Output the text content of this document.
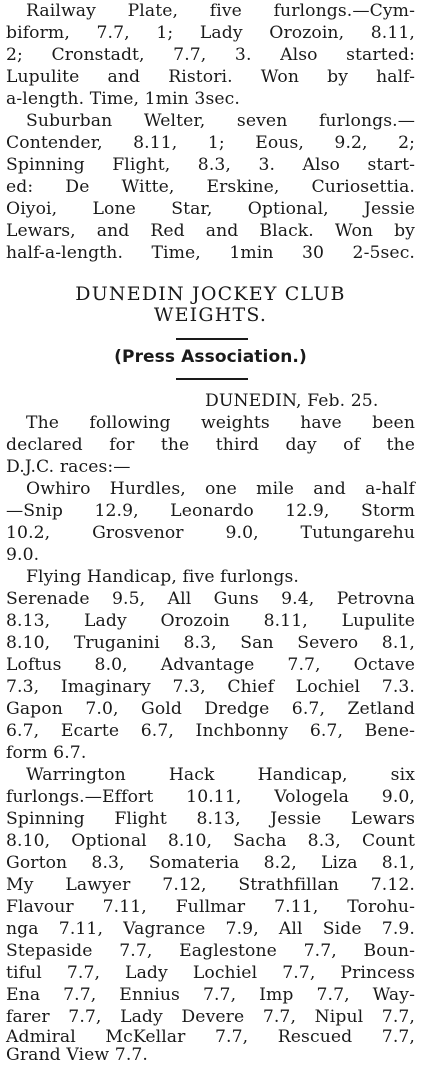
Railway Plate, five furlongs.—Cym-
biform, 7.7, 1; Lady Orozoin, 8.11,
2; Cronstadt, 7.7, 3. Also started:
Lupulite and Ristori. Won by half-
a-length. Time, 1min 3sec.
Suburban Welter, seven furlongs.—
Contender, 8.11, 1; Eous, 9.2, 2;
Spinning Flight, 8.3, 3. Also start-
ed: De Witte, Erskine, Curiosettia.
Oiyoi, Lone Star, Optional, Jessie
Lewars, and Red and Black. Won by
half-a-length. Time, 1min 30 2-5sec.
DUNEDIN JOCKEY CLUB
WEIGHTS.
(Press Association.)
DUNEDIN, Feb. 25.
The following weights have been
declared for the third day of the
D.J.C. races:—
Owhiro Hurdles, one mile and a-half
—Snip 12.9, Leonardo 12.9, Storm
10.2, Grosvenor 9.0, Tutungarehu
9.0.
Flying Handicap, five furlongs.
Serenade 9.5, All Guns 9.4, Petrovna
8.13, Lady Orozoin 8.11, Lupulite
8.10, Truganini 8.3, San Severo 8.1,
Loftus 8.0, Advantage 7.7, Octave
7.3, Imaginary 7.3, Chief Lochiel 7.3.
Gapon 7.0, Gold Dredge 6.7, Zetland
6.7, Ecarte 6.7, Inchbonny 6.7, Bene-
form 6.7.
Warrington Hack Handicap, six
furlongs.—Effort 10.11, Vologela 9.0,
Spinning Flight 8.13, Jessie Lewars
8.10, Optional 8.10, Sacha 8.3, Count
Gorton 8.3, Somateria 8.2, Liza 8.1,
My Lawyer 7.12, Strathfillan 7.12.
Flavour 7.11, Fullmar 7.11, Torohu-
nga 7.11, Vagrance 7.9, All Side 7.9.
Stepaside 7.7, Eaglestone 7.7, Boun-
tiful 7.7, Lady Lochiel 7.7, Princess
Ena 7.7, Ennius 7.7, Imp 7.7, Way-
farer 7.7, Lady Devere 7.7, Nipul 7.7,
Admiral McKellar 7.7, Rescued 7.7,
Grand View 7.7.
